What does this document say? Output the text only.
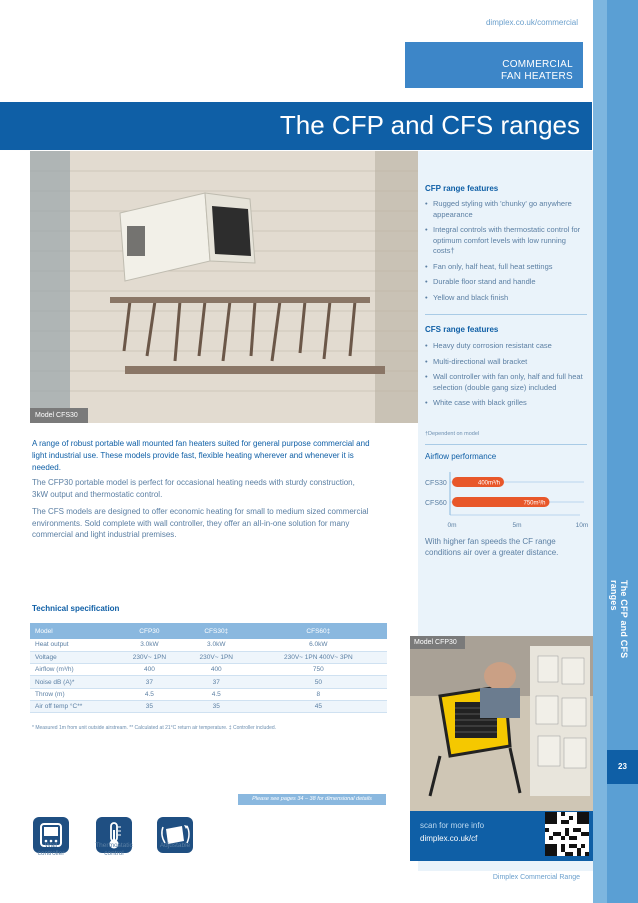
dimplex.co.uk/commercial
COMMERCIAL
FAN HEATERS
The CFP and CFS ranges
The CFP and CFS ranges
23
Model CFS30

A range of robust portable wall mounted fan heaters suited for general purpose commercial and light industrial use. These models provide fast, flexible heating wherever and whenever it is needed.

The CFP30 portable model is perfect for occasional heating needs with sturdy construction, 3kW output and thermostatic control.

The CFS models are designed to offer economic heating for small to medium sized commercial environments. Sold complete with wall controller, they offer an all-in-one solution for many commercial and light industrial premises.

CFP range features
• Rugged styling with 'chunky' go anywhere appearance
• Integral controls with thermostatic control for optimum comfort levels with low running costs†
• Fan only, half heat, full heat settings
• Durable floor stand and handle
• Yellow and black finish
CFS range features
• Heavy duty corrosion resistant case
• Multi-directional wall bracket
• Wall controller with fan only, half and full heat selection (double gang size) included
• White case with black grilles
†Dependent on model
Airflow performance
CFS30	400m³/h
CFS60	750m³/h
0m	5m	10m

With higher fan speeds the CF range conditions air over a greater distance.

Technical specification
Model	CFP30	CFS30‡	CFS60‡
Heat output	3.0kW	3.0kW	6.0kW
Voltage	230V~ 1PN	230V~ 1PN	230V~ 1PN 400V~ 3PN
Airflow (m³/h)	400	400	750
Noise dB (A)*	37	37	50
Throw (m)	4.5	4.5	8
Air off temp °C**	35	35	45
* Measured 1m from unit outside airstream. ** Calculated at 21°C return air temperature. ‡ Controller included.
Please see pages 34 – 38 for dimensional details
Wall
controller
Thermostatic
control
Adjustable
Model CFP30
scan for more info
dimplex.co.uk/cf
Dimplex Commercial Range
